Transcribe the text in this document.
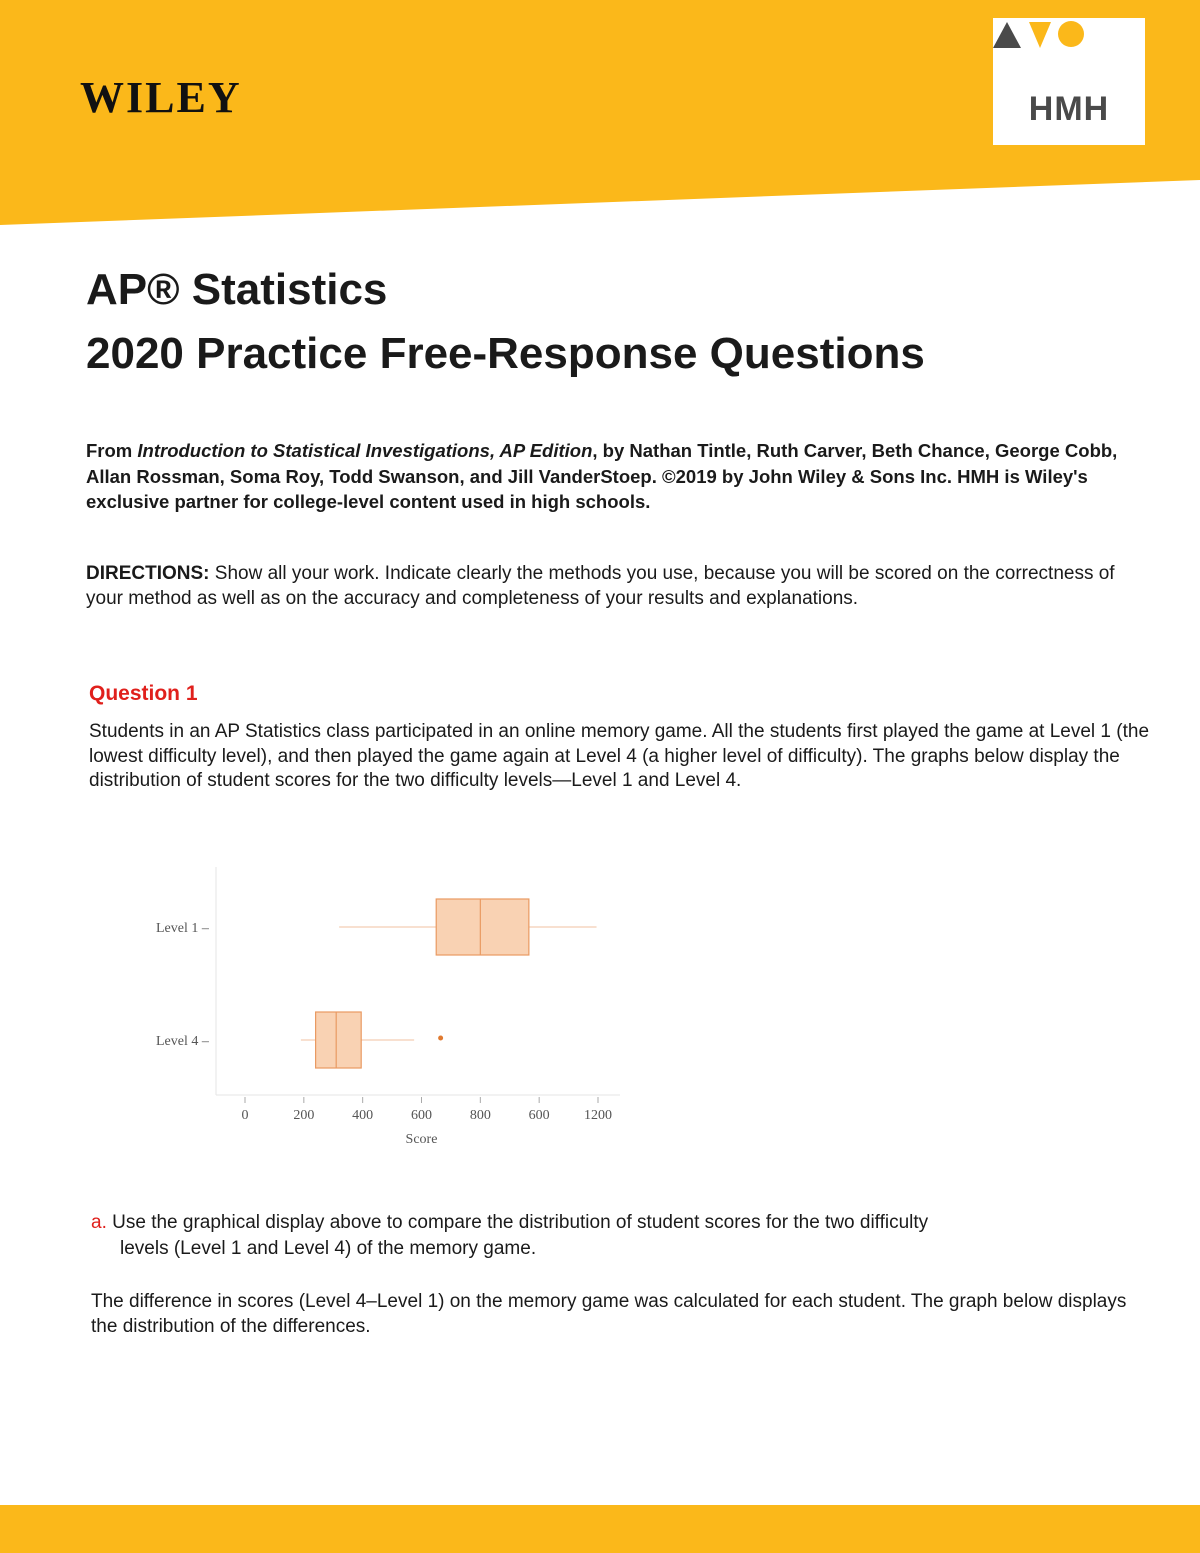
WILEY	HMH
AP® Statistics
2020 Practice Free-Response Questions
From Introduction to Statistical Investigations, AP Edition, by Nathan Tintle, Ruth Carver, Beth Chance, George Cobb, Allan Rossman, Soma Roy, Todd Swanson, and Jill VanderStoep. ©2019 by John Wiley & Sons Inc. HMH is Wiley's exclusive partner for college-level content used in high schools.
DIRECTIONS: Show all your work. Indicate clearly the methods you use, because you will be scored on the correctness of your method as well as on the accuracy and completeness of your results and explanations.
Question 1
Students in an AP Statistics class participated in an online memory game. All the students first played the game at Level 1 (the lowest difficulty level), and then played the game again at Level 4 (a higher level of difficulty). The graphs below display the distribution of student scores for the two difficulty levels—Level 1 and Level 4.
Level 1 –
Level 4 –
0	200	400	600	800	600 1200
Score
a. Use the graphical display above to compare the distribution of student scores for the two difficulty
levels (Level 1 and Level 4) of the memory game.
The difference in scores (Level 4–Level 1) on the memory game was calculated for each student. The graph below displays the distribution of the differences.
